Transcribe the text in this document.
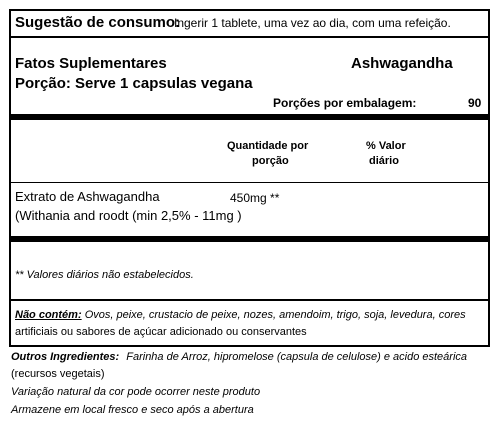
Sugestão de consumo:
Ingerir 1 tablete, uma vez ao dia, com uma refeição.
Fatos Suplementares	Ashwagandha
Porção: Serve 1 capsulas vegana
Porções por embalagem:	90
Quantidade por
porção
% Valor
diário
Extrato de Ashwagandha
(Withania and roodt (min 2,5% - 11mg )
450mg **
** Valores diários não estabelecidos.
Não contém: Ovos, peixe, crustacio de peixe, nozes, amendoim, trigo, soja, levedura, cores
artificiais ou sabores de açúcar adicionado ou conservantes
Outros Ingredientes: Farinha de Arroz, hipromelose (capsula de celulose) e acido esteárica
(recursos vegetais)
Variação natural da cor pode ocorrer neste produto
Armazene em local fresco e seco após a abertura
